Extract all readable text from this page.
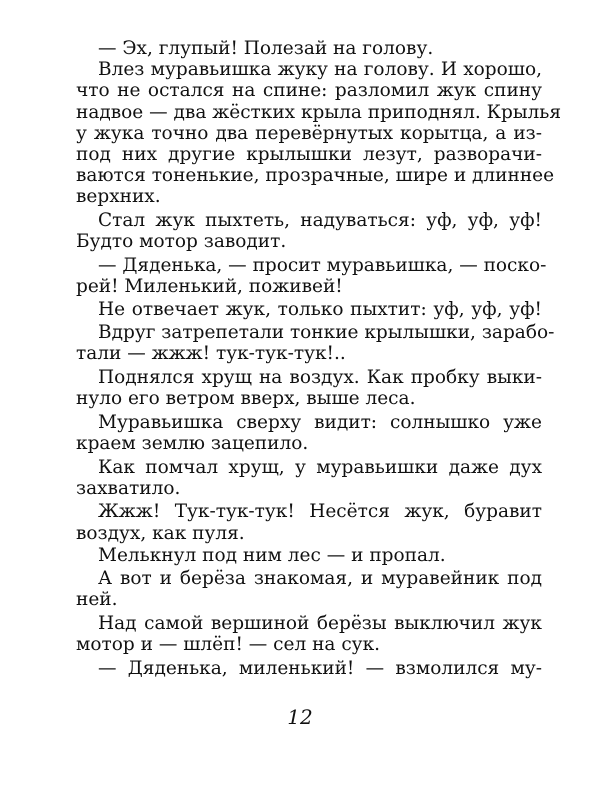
— Эх, глупый! Полезай на голову.
Влез муравьишка жуку на голову. И хорошо,
что не остался на спине: разломил жук спину
надвое — два жёстких крыла приподнял. Крылья
у жука точно два перевёрнутых корытца, а из-
под них другие крылышки лезут, разворачи-
ваются тоненькие, прозрачные, шире и длиннее
верхних.
Стал жук пыхтеть, надуваться: уф, уф, уф!
Будто мотор заводит.
— Дяденька, — просит муравьишка, — поско-
рей! Миленький, поживей!
Не отвечает жук, только пыхтит: уф, уф, уф!
Вдруг затрепетали тонкие крылышки, зарабо-
тали — жжж! тук-тук-тук!..
Поднялся хрущ на воздух. Как пробку выки-
нуло его ветром вверх, выше леса.
Муравьишка сверху видит: солнышко уже
краем землю зацепило.
Как помчал хрущ, у муравьишки даже дух
захватило.
Жжж! Тук-тук-тук! Несётся жук, буравит
воздух, как пуля.
Мелькнул под ним лес — и пропал.
А вот и берёза знакомая, и муравейник под
ней.
Над самой вершиной берёзы выключил жук
мотор и — шлёп! — сел на сук.
— Дяденька, миленький! — взмолился му-
12
